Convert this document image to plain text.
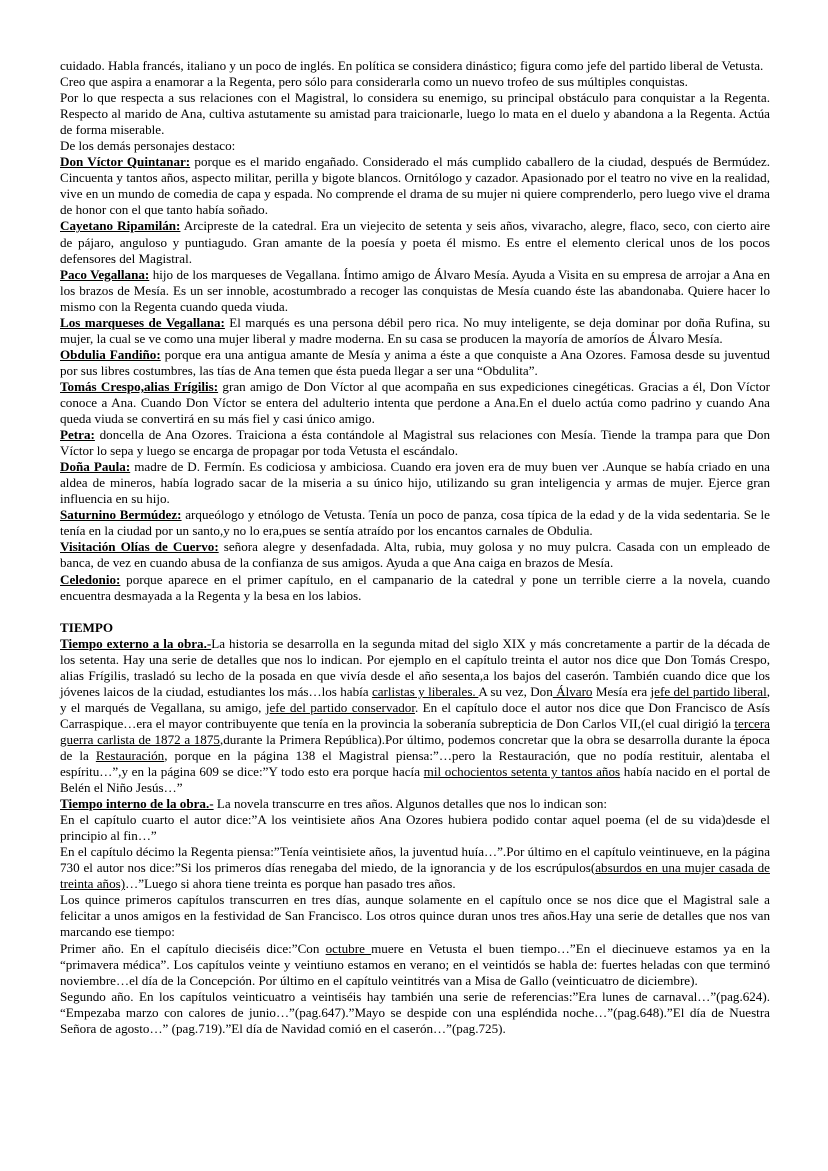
cuidado. Habla francés, italiano y un poco de inglés. En política se considera dinástico; figura como jefe del partido liberal de Vetusta.

Creo que aspira a enamorar a la Regenta, pero sólo para considerarla como un nuevo trofeo de sus múltiples conquistas.

Por lo que respecta a sus relaciones con el Magistral, lo considera su enemigo, su principal obstáculo para conquistar a la Regenta. Respecto al marido de Ana, cultiva astutamente su amistad para traicionarle, luego lo mata en el duelo y abandona a la Regenta. Actúa de forma miserable.

De los demás personajes destaco:

Don Víctor Quintanar: porque es el marido engañado. Considerado el más cumplido caballero de la ciudad, después de Bermúdez. Cincuenta y tantos años, aspecto militar, perilla y bigote blancos. Ornitólogo y cazador. Apasionado por el teatro no vive en la realidad, vive en un mundo de comedia de capa y espada. No comprende el drama de su mujer ni quiere comprenderlo, pero luego vive el drama de honor con el que tanto había soñado.

Cayetano Ripamilán: Arcipreste de la catedral. Era un viejecito de setenta y seis años, vivaracho, alegre, flaco, seco, con cierto aire de pájaro, anguloso y puntiagudo. Gran amante de la poesía y poeta él mismo. Es entre el elemento clerical unos de los pocos defensores del Magistral.

Paco Vegallana: hijo de los marqueses de Vegallana. Íntimo amigo de Álvaro Mesía. Ayuda a Visita en su empresa de arrojar a Ana en los brazos de Mesía. Es un ser innoble, acostumbrado a recoger las conquistas de Mesía cuando éste las abandonaba. Quiere hacer lo mismo con la Regenta cuando queda viuda.

Los marqueses de Vegallana: El marqués es una persona débil pero rica. No muy inteligente, se deja dominar por doña Rufina, su mujer, la cual se ve como una mujer liberal y madre moderna. En su casa se producen la mayoría de amoríos de Álvaro Mesía.

Obdulia Fandiño: porque era una antigua amante de Mesía y anima a éste a que conquiste a Ana Ozores. Famosa desde su juventud por sus libres costumbres, las tías de Ana temen que ésta pueda llegar a ser una “Obdulita”.

Tomás Crespo,alias Frígilis: gran amigo de Don Víctor al que acompaña en sus expediciones cinegéticas. Gracias a él, Don Víctor conoce a Ana. Cuando Don Víctor se entera del adulterio intenta que perdone a Ana.En el duelo actúa como padrino y cuando Ana queda viuda se convertirá en su más fiel y casi único amigo.

Petra: doncella de Ana Ozores. Traiciona a ésta contándole al Magistral sus relaciones con Mesía. Tiende la trampa para que Don Víctor lo sepa y luego se encarga de propagar por toda Vetusta el escándalo.

Doña Paula: madre de D. Fermín. Es codiciosa y ambiciosa. Cuando era joven era de muy buen ver .Aunque se había criado en una aldea de mineros, había logrado sacar de la miseria a su único hijo, utilizando su gran inteligencia y armas de mujer. Ejerce gran influencia en su hijo.

Saturnino Bermúdez: arqueólogo y etnólogo de Vetusta. Tenía un poco de panza, cosa típica de la edad y de la vida sedentaria. Se le tenía en la ciudad por un santo,y no lo era,pues se sentía atraído por los encantos carnales de Obdulia.

Visitación Olías de Cuervo: señora alegre y desenfadada. Alta, rubia, muy golosa y no muy pulcra. Casada con un empleado de banca, de vez en cuando abusa de la confianza de sus amigos. Ayuda a que Ana caiga en brazos de Mesía.

Celedonio: porque aparece en el primer capítulo, en el campanario de la catedral y pone un terrible cierre a la novela, cuando encuentra desmayada a la Regenta y la besa en los labios.

TIEMPO

Tiempo externo a la obra.-La historia se desarrolla en la segunda mitad del siglo XIX y más concretamente a partir de la década de los setenta. Hay una serie de detalles que nos lo indican. Por ejemplo en el capítulo treinta el autor nos dice que Don Tomás Crespo, alias Frígilis, trasladó su lecho de la posada en que vivía desde el año sesenta,a los bajos del caserón. También cuando dice que los jóvenes laicos de la ciudad, estudiantes los más…los había carlistas y liberales. A su vez, Don Álvaro Mesía era jefe del partido liberal, y el marqués de Vegallana, su amigo, jefe del partido conservador. En el capítulo doce el autor nos dice que Don Francisco de Asís Carraspique…era el mayor contribuyente que tenía en la provincia la soberanía subrepticia de Don Carlos VII,(el cual dirigió la tercera guerra carlista de 1872 a 1875,durante la Primera República).Por último, podemos concretar que la obra se desarrolla durante la época de la Restauración, porque en la página 138 el Magistral piensa:”…pero la Restauración, que no podía restituir, alentaba el espíritu…”,y en la página 609 se dice:”Y todo esto era porque hacía mil ochocientos setenta y tantos años había nacido en el portal de Belén el Niño Jesús…”

Tiempo interno de la obra.- La novela transcurre en tres años. Algunos detalles que nos lo indican son:

En el capítulo cuarto el autor dice:”A los veintisiete años Ana Ozores hubiera podido contar aquel poema (el de su vida)desde el principio al fin…”

En el capítulo décimo la Regenta piensa:”Tenía veintisiete años, la juventud huía…”.Por último en el capítulo veintinueve, en la página 730 el autor nos dice:”Si los primeros días renegaba del miedo, de la ignorancia y de los escrúpulos(absurdos en una mujer casada de treinta años)…”Luego si ahora tiene treinta es porque han pasado tres años.

Los quince primeros capítulos transcurren en tres días, aunque solamente en el capítulo once se nos dice que el Magistral sale a felicitar a unos amigos en la festividad de San Francisco. Los otros quince duran unos tres años.Hay una serie de detalles que nos van marcando ese tiempo:

Primer año. En el capítulo dieciséis dice:”Con octubre muere en Vetusta el buen tiempo…”En el diecinueve estamos ya en la “primavera médica”. Los capítulos veinte y veintiuno estamos en verano; en el veintidós se habla de: fuertes heladas con que terminó noviembre…el día de la Concepción. Por último en el capítulo veintitrés van a Misa de Gallo (veinticuatro de diciembre).

Segundo año. En los capítulos veinticuatro a veintiséis hay también una serie de referencias:”Era lunes de carnaval…”(pag.624). “Empezaba marzo con calores de junio…”(pag.647).”Mayo se despide con una espléndida noche…”(pag.648).”El día de Nuestra Señora de agosto…” (pag.719).”El día de Navidad comió en el caserón…”(pag.725).
